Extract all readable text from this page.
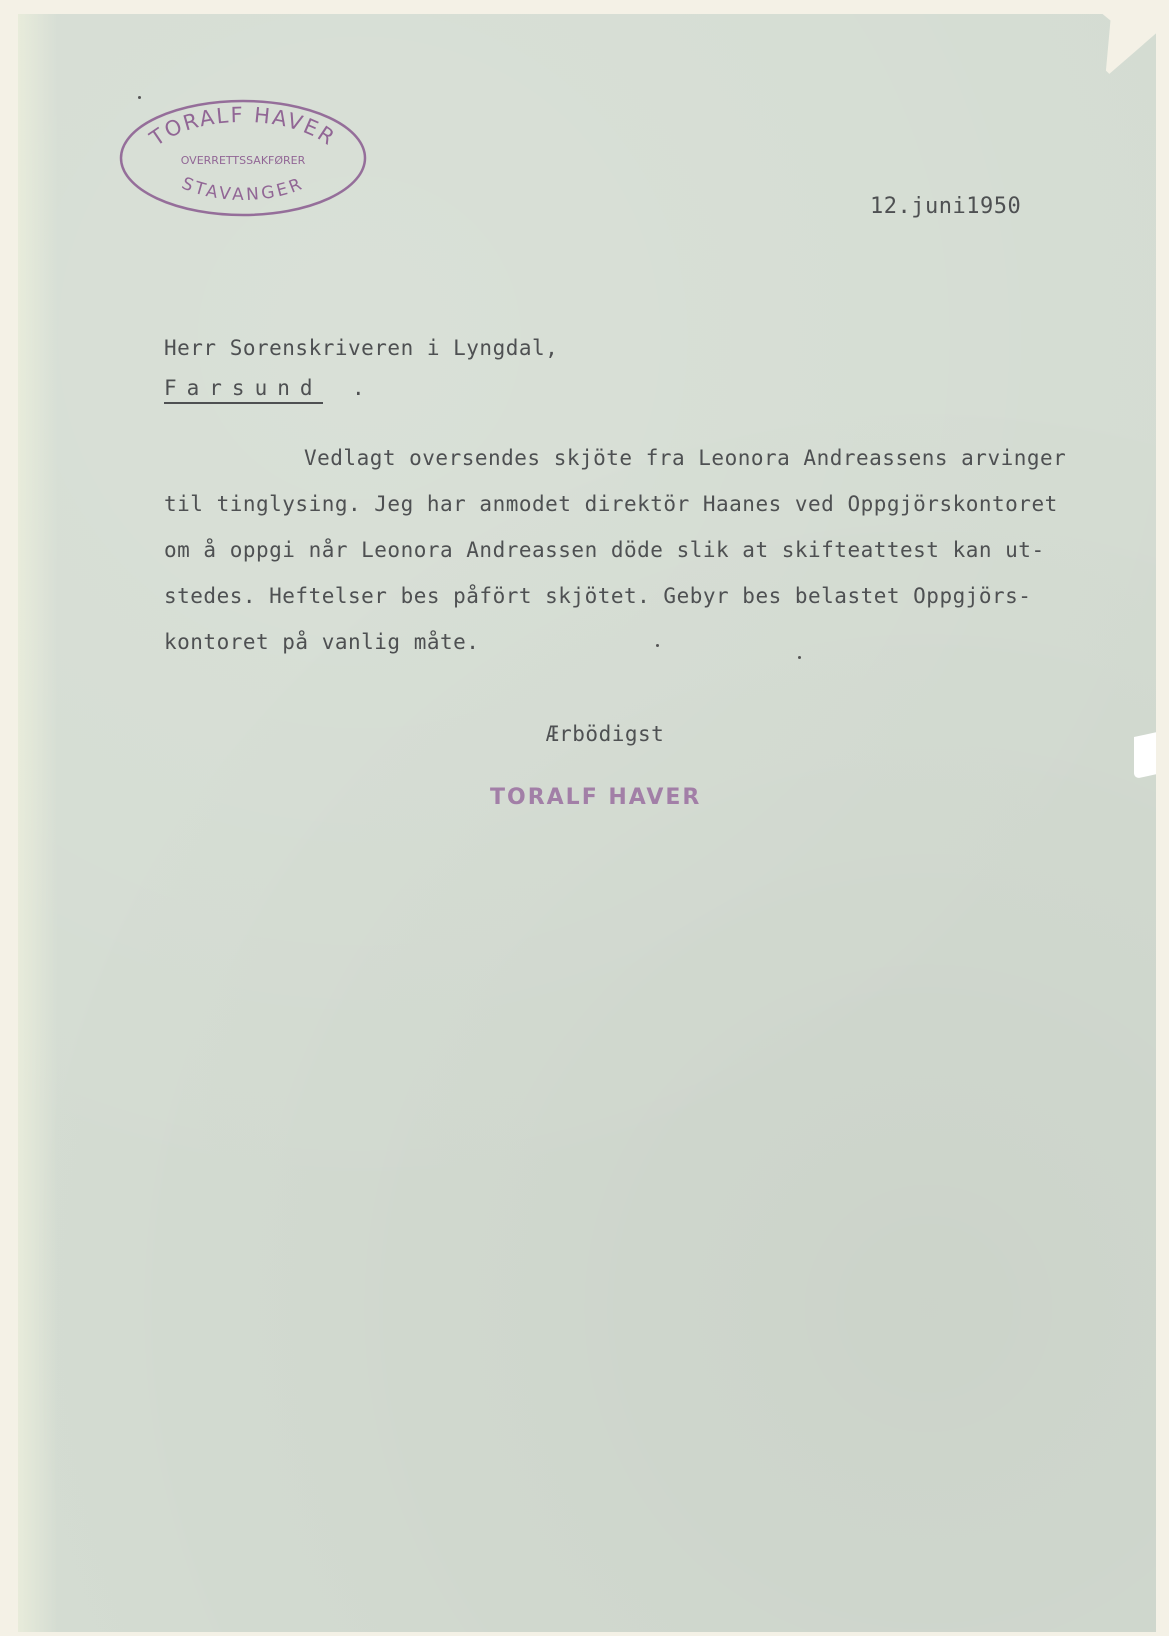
TORALF HAVER
OVERRETTSSAKFØRER
STAVANGER
12.juni1950
Herr Sorenskriveren i Lyngdal,
Farsund .
Vedlagt oversendes skjöte fra Leonora Andreassens arvinger
til tinglysing. Jeg har anmodet direktör Haanes ved Oppgjörskontoret
om å oppgi når Leonora Andreassen döde slik at skifteattest kan ut-
stedes. Heftelser bes påfört skjötet. Gebyr bes belastet Oppgjörs-
kontoret på vanlig måte.
Ærbödigst
TORALF HAVER
